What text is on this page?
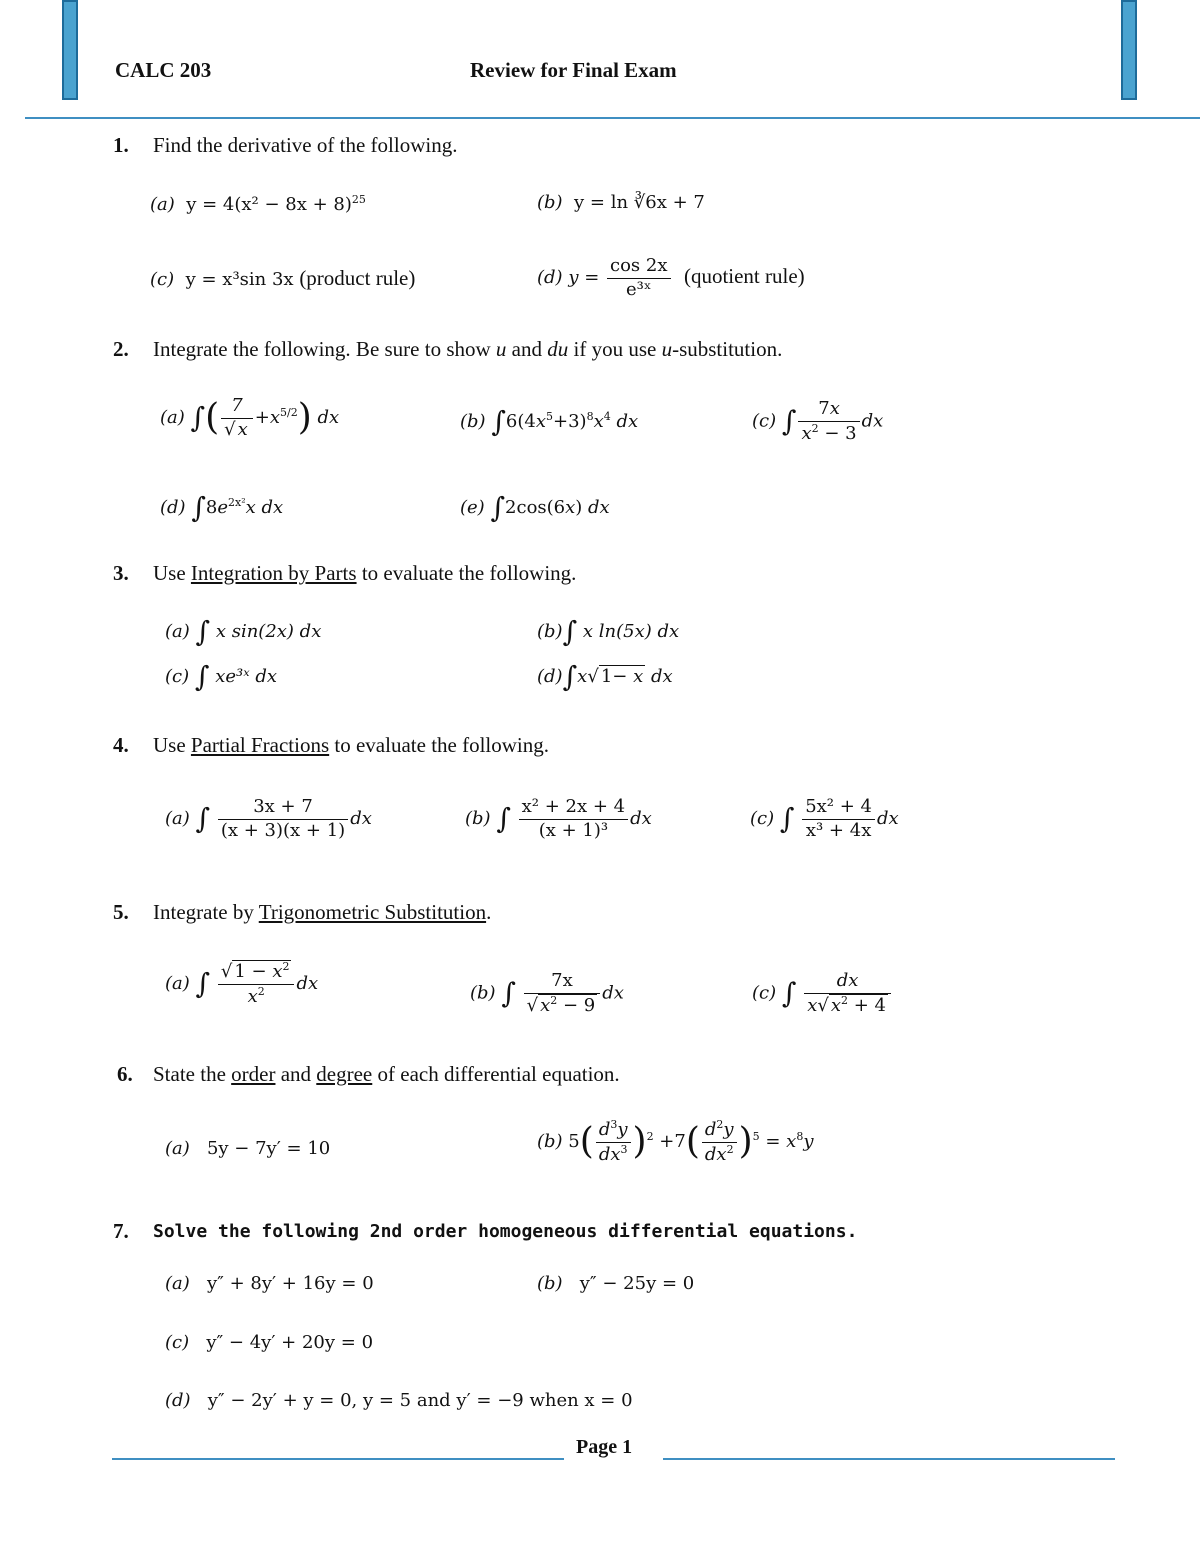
CALC 203	Review for Final Exam
1. Find the derivative of the following.
(a) $y = 4(x^2 - 8x + 8)^{25}$	(b) y = ln ∛6x + 7
(c) y = x³sin 3x (product rule)	(d) $y = \frac{\cos 2x}{\text{e³ˣ}}$ (quotient rule)
2. Integrate the following. Be sure to show u and du if you use u-substitution.
(a) ∫( $\frac{7}{√ x} +x^{5/2}$) dx	(b) $\int 6(4x^5+3)^8x^4$ dx	(c) ∫ $\frac{7x}{x^2 - 3}$ dx
(d) $\int 8e^{2x^2}x$ dx	(e) ∫2cos(6x) dx
3. Use Integration by Parts to evaluate the following.
(a) ∫ x sin(2x) dx	(b)∫ x ln(5x) dx
(c) ∫ xe³ˣ dx	(d)∫x√ 1− x dx
4. Use Partial Fractions to evaluate the following.
(a) ∫ $\frac{3x + 7}{(x + 3)(x + 1)}$ dx	(b) ∫ $\frac{\text{x² + 2x + 4}}{\text{(x + 1)³}}$ dx	(c) ∫ $\frac{\text{5x² + 4}}{\text{x³ + 4x}}$ dx
5. Integrate by Trigonometric Substitution.
(a) ∫ $\frac{√ 1 - x^2}{x^2}$ dx	(b) ∫ $\frac{7x}{√ x^2 - 9}$ dx	(c) ∫ $\frac{dx}{x√ x^2 + 4}$
6. State the order and degree of each differential equation.
(a) 5y − 7y′ = 10	(b) $5( \frac{d^3y}{dx^3} )^2 +7( \frac{d^2y}{dx^2} )^5 = x^8y$
7. Solve the following 2nd order homogeneous differential equations.
(a) y″ + 8y′ + 16y = 0	(b) y″ − 25y = 0
(c) y″ − 4y′ + 20y = 0
(d) y″ − 2y′ + y = 0, y = 5 and y′ = −9 when x = 0
Page 1
